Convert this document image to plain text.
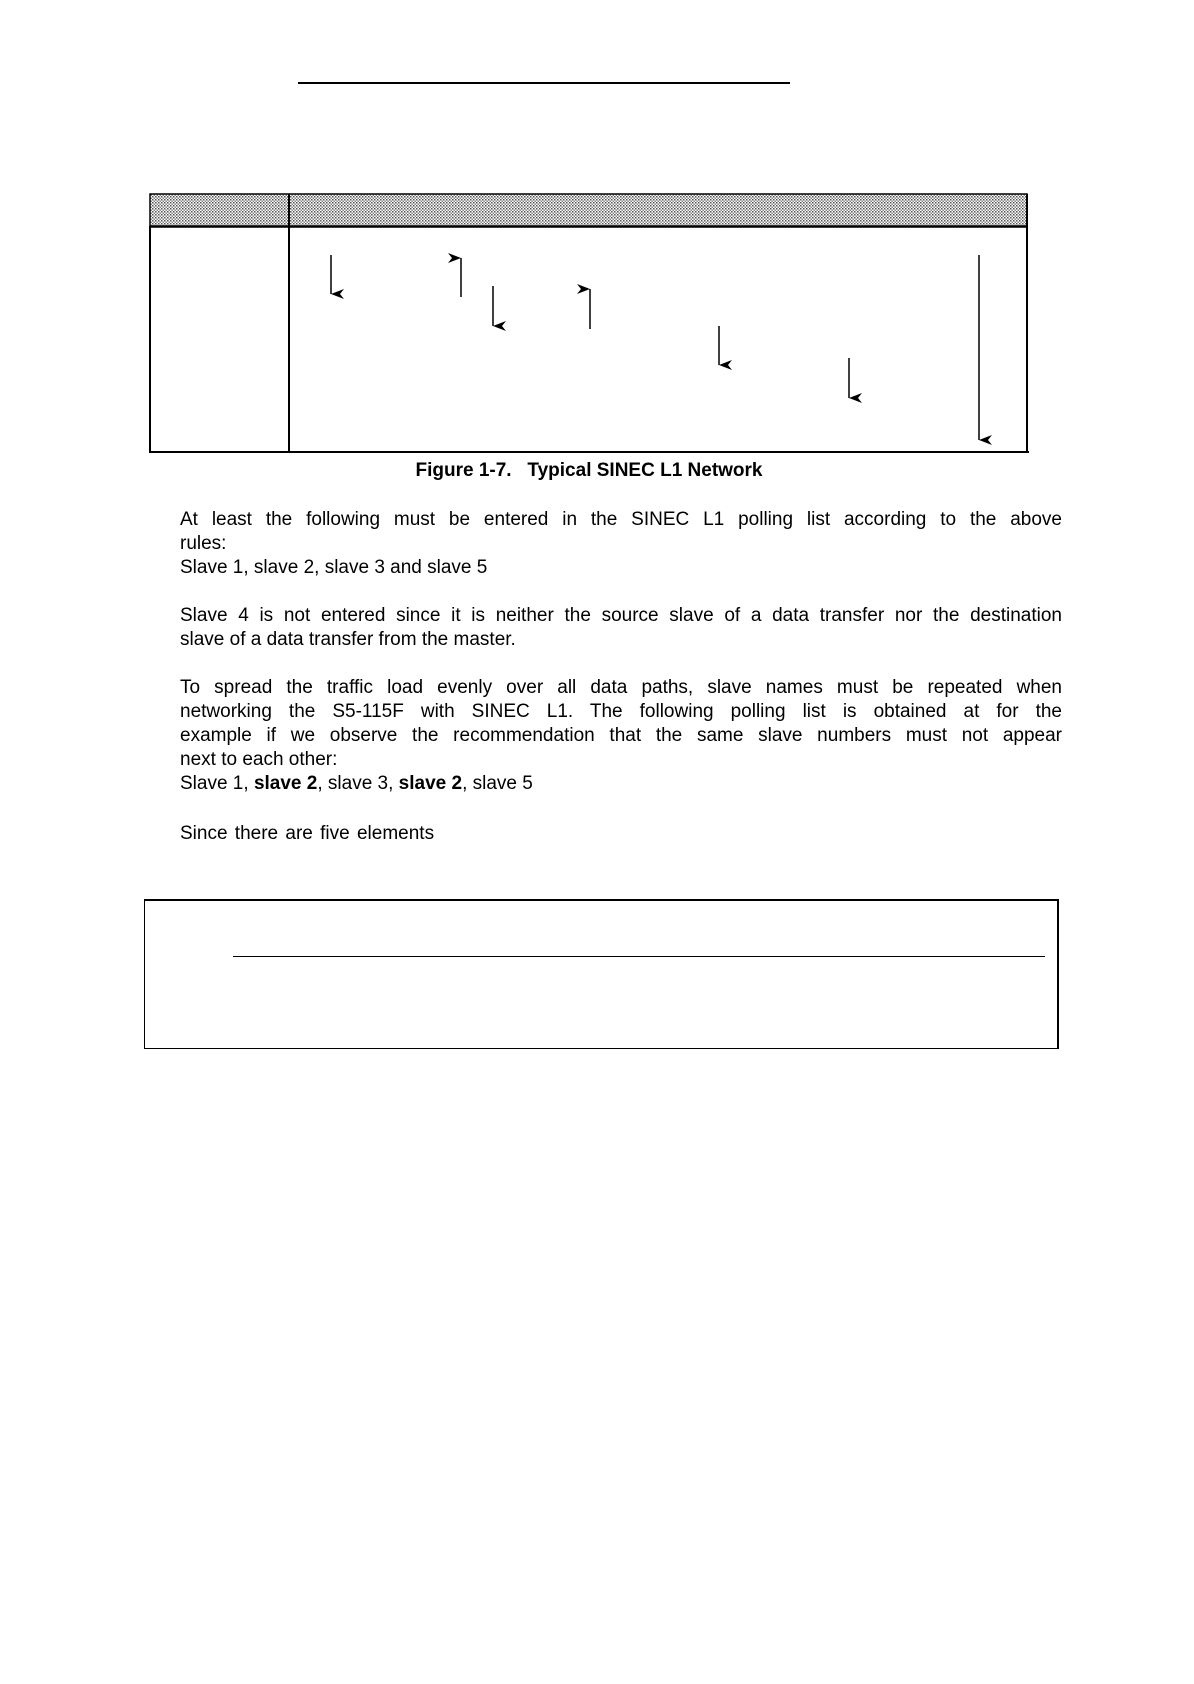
Figure 1-7. Typical SINEC L1 Network

At least the following must be entered in the SINEC L1 polling list according to the above

rules:

Slave 1, slave 2, slave 3 and slave 5

Slave 4 is not entered since it is neither the source slave of a data transfer nor the destination

slave of a data transfer from the master.

To spread the traffic load evenly over all data paths, slave names must be repeated when

networking the S5-115F with SINEC L1. The following polling list is obtained at for the

example if we observe the recommendation that the same slave numbers must not appear

next to each other:

Slave 1, slave 2, slave 3, slave 2, slave 5

Since there are five elements
